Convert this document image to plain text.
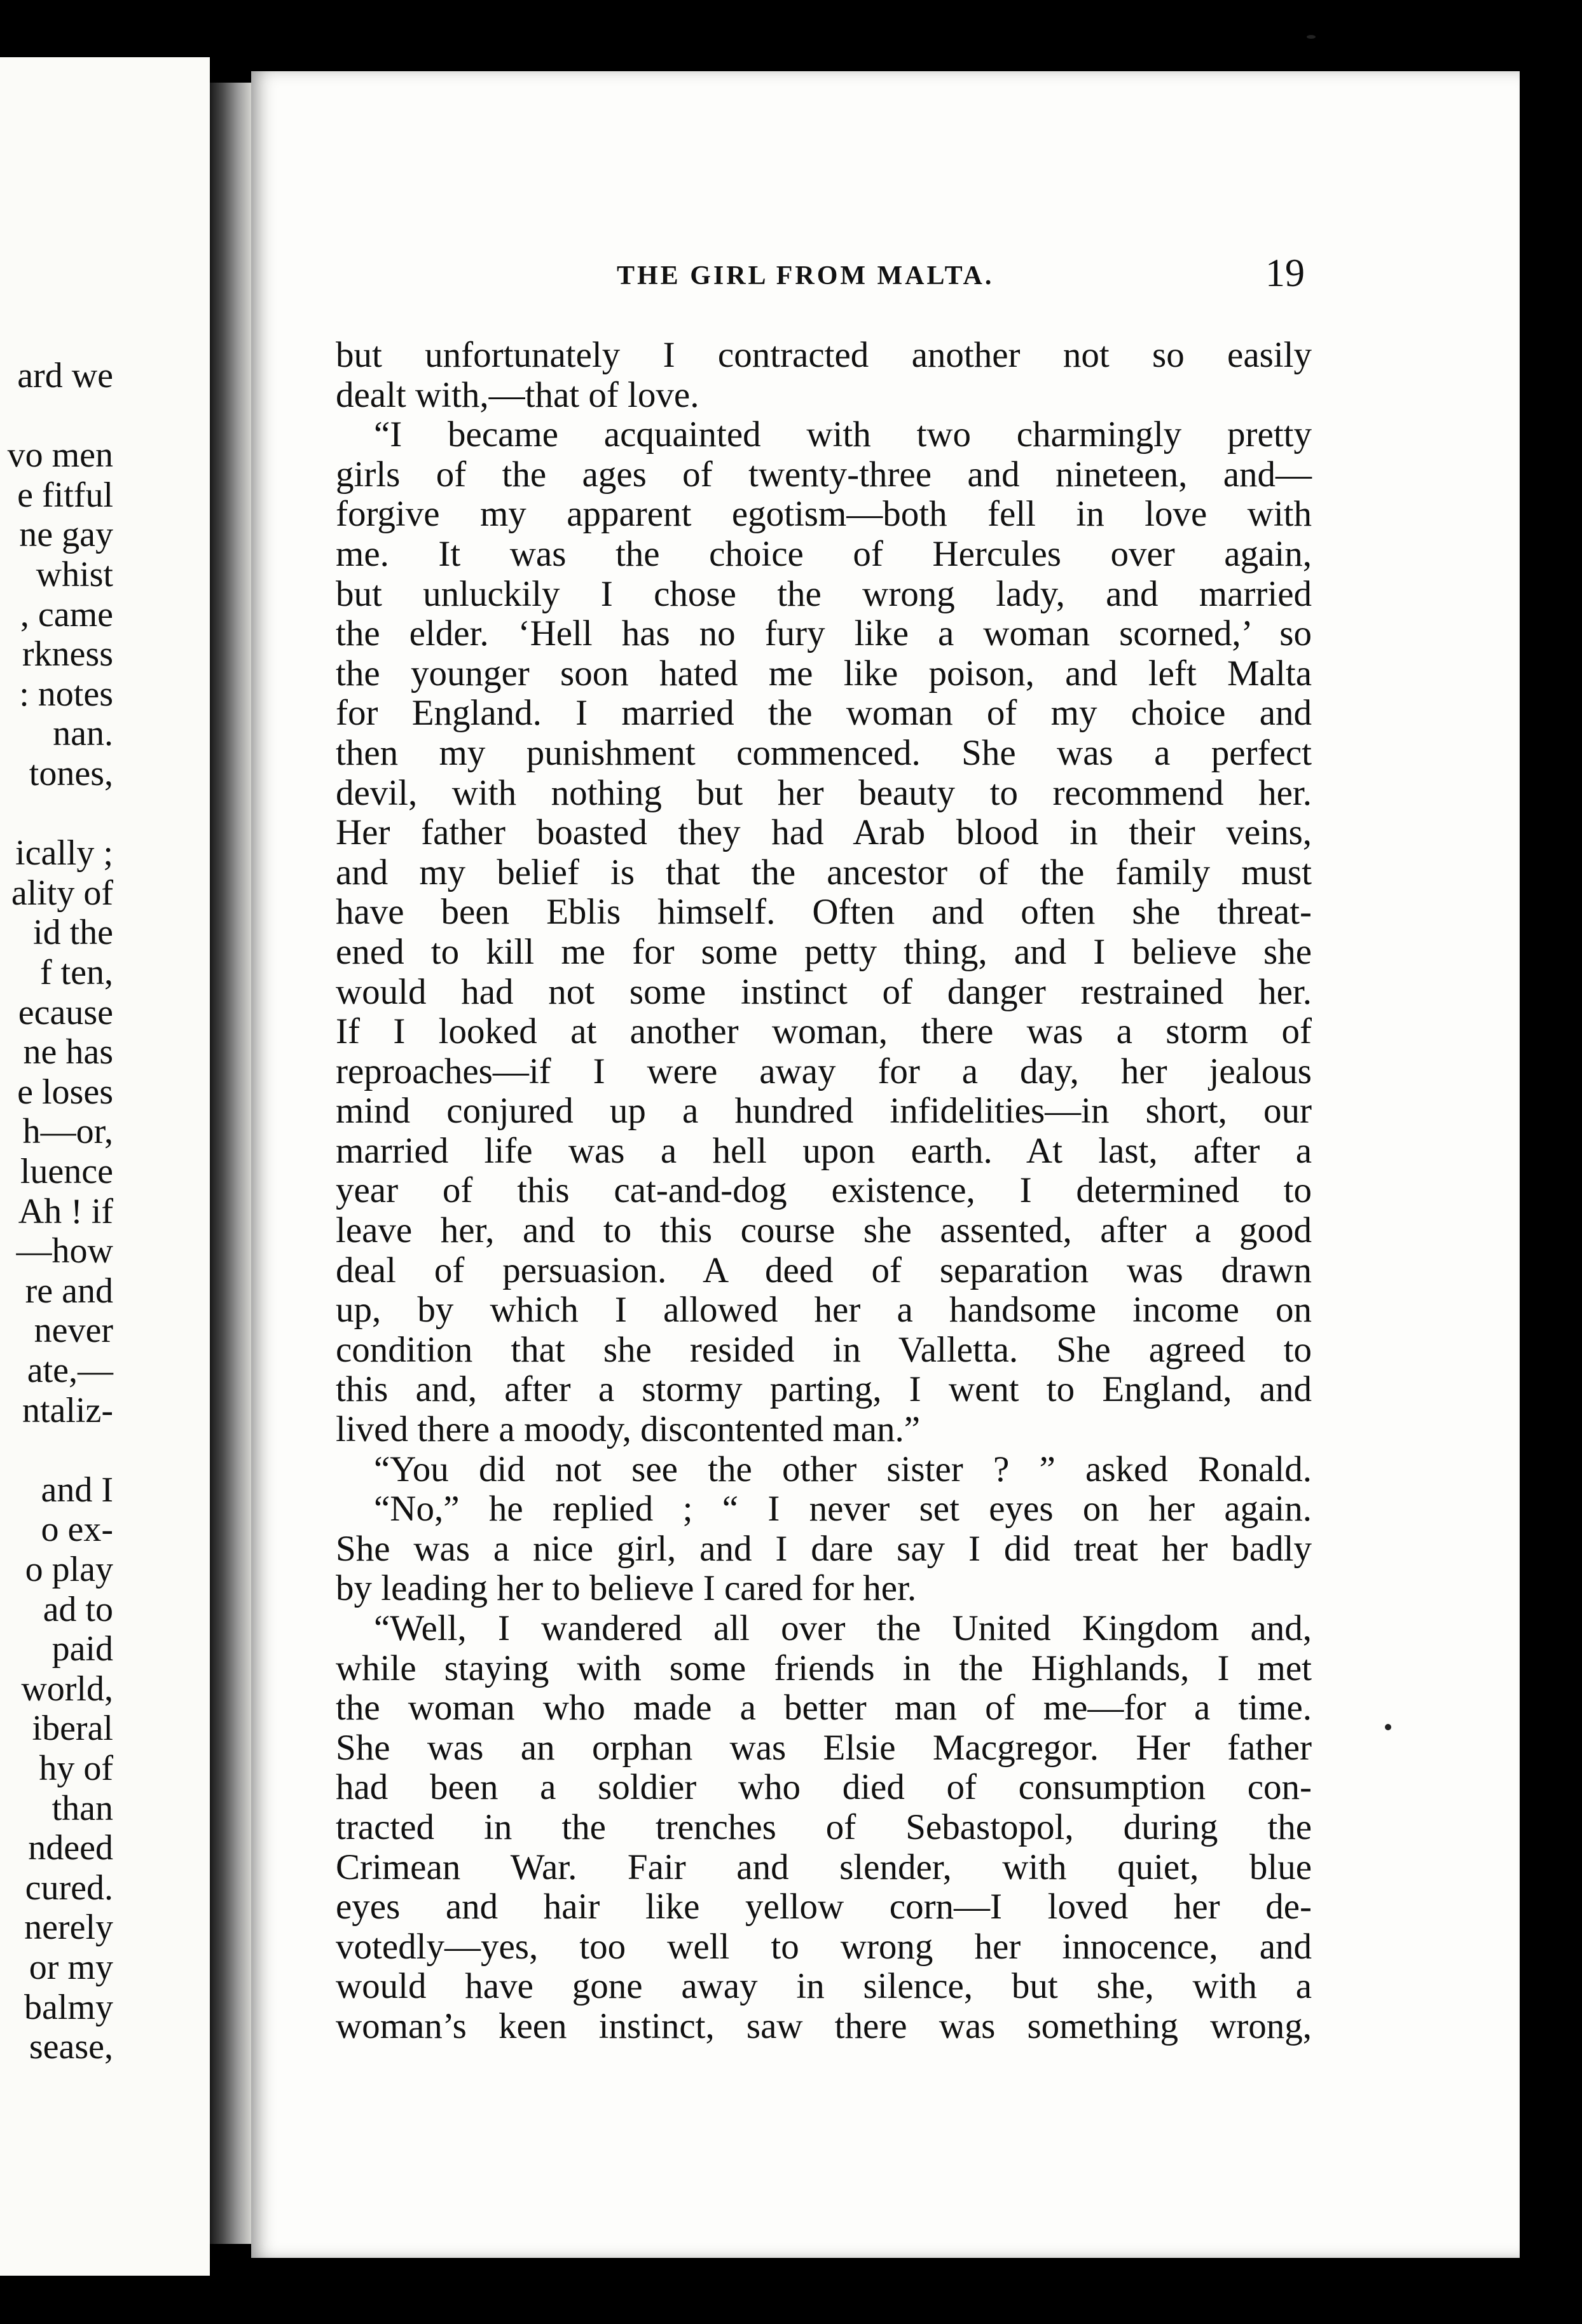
ard we
vo men
e fitful
ne gay
whist
, came
rkness
: notes
nan.
tones,
ically ;
ality of
id the
f ten,
ecause
ne has
e loses
h—or,
luence
Ah ! if
—how
re and
never
ate,—
ntaliz-
and I
o ex-
o play
ad to
paid
world,
iberal
hy of
than
ndeed
cured.
nerely
or my
balmy
sease,
THE GIRL FROM MALTA.	19
but unfortunately I contracted another not so easily
dealt with,—that of love.
“I became acquainted with two charmingly pretty
girls of the ages of twenty-three and nineteen, and—
forgive my apparent egotism—both fell in love with
me. It was the choice of Hercules over again,
but unluckily I chose the wrong lady, and married
the elder. ‘Hell has no fury like a woman scorned,’ so
the younger soon hated me like poison, and left Malta
for England. I married the woman of my choice and
then my punishment commenced. She was a perfect
devil, with nothing but her beauty to recommend her.
Her father boasted they had Arab blood in their veins,
and my belief is that the ancestor of the family must
have been Eblis himself. Often and often she threat-
ened to kill me for some petty thing, and I believe she
would had not some instinct of danger restrained her.
If I looked at another woman, there was a storm of
reproaches—if I were away for a day, her jealous
mind conjured up a hundred infidelities—in short, our
married life was a hell upon earth. At last, after a
year of this cat-and-dog existence, I determined to
leave her, and to this course she assented, after a good
deal of persuasion. A deed of separation was drawn
up, by which I allowed her a handsome income on
condition that she resided in Valletta. She agreed to
this and, after a stormy parting, I went to England, and
lived there a moody, discontented man.”
“You did not see the other sister ? ” asked Ronald.
“No,” he replied ; “ I never set eyes on her again.
She was a nice girl, and I dare say I did treat her badly
by leading her to believe I cared for her.
“Well, I wandered all over the United Kingdom and,
while staying with some friends in the Highlands, I met
the woman who made a better man of me—for a time.
She was an orphan was Elsie Macgregor. Her father
had been a soldier who died of consumption con-
tracted in the trenches of Sebastopol, during the
Crimean War. Fair and slender, with quiet, blue
eyes and hair like yellow corn—I loved her de-
votedly—yes, too well to wrong her innocence, and
would have gone away in silence, but she, with a
woman’s keen instinct, saw there was something wrong,
